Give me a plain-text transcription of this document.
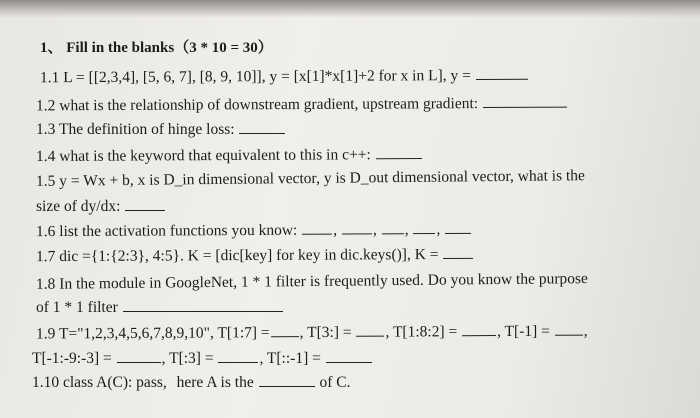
1、 Fill in the blanks（3 * 10 = 30）
1.1 L = [[2,3,4], [5, 6, 7], [8, 9, 10]], y = [x[1]*x[1]+2 for x in L], y =
1.2 what is the relationship of downstream gradient, upstream gradient:
1.3 The definition of hinge loss:
1.4 what is the keyword that equivalent to this in c++:
1.5 y = Wx + b, x is D_in dimensional vector, y is D_out dimensional vector, what is the
size of dy/dx:
1.6 list the activation functions you know: , , , ,
1.7 dic ={1:{2:3}, 4:5}. K = [dic[key] for key in dic.keys()], K =
1.8 In the module in GoogleNet, 1 * 1 filter is frequently used. Do you know the purpose
of 1 * 1 filter
1.9 T="1,2,3,4,5,6,7,8,9,10", T[1:7] = , T[3:] = , T[1:8:2] =	, T[-1] = ,
T[-1:-9:-3] =	, T[:3] =	, T[::-1] =
1.10 class A(C): pass, here A is the	of C.
